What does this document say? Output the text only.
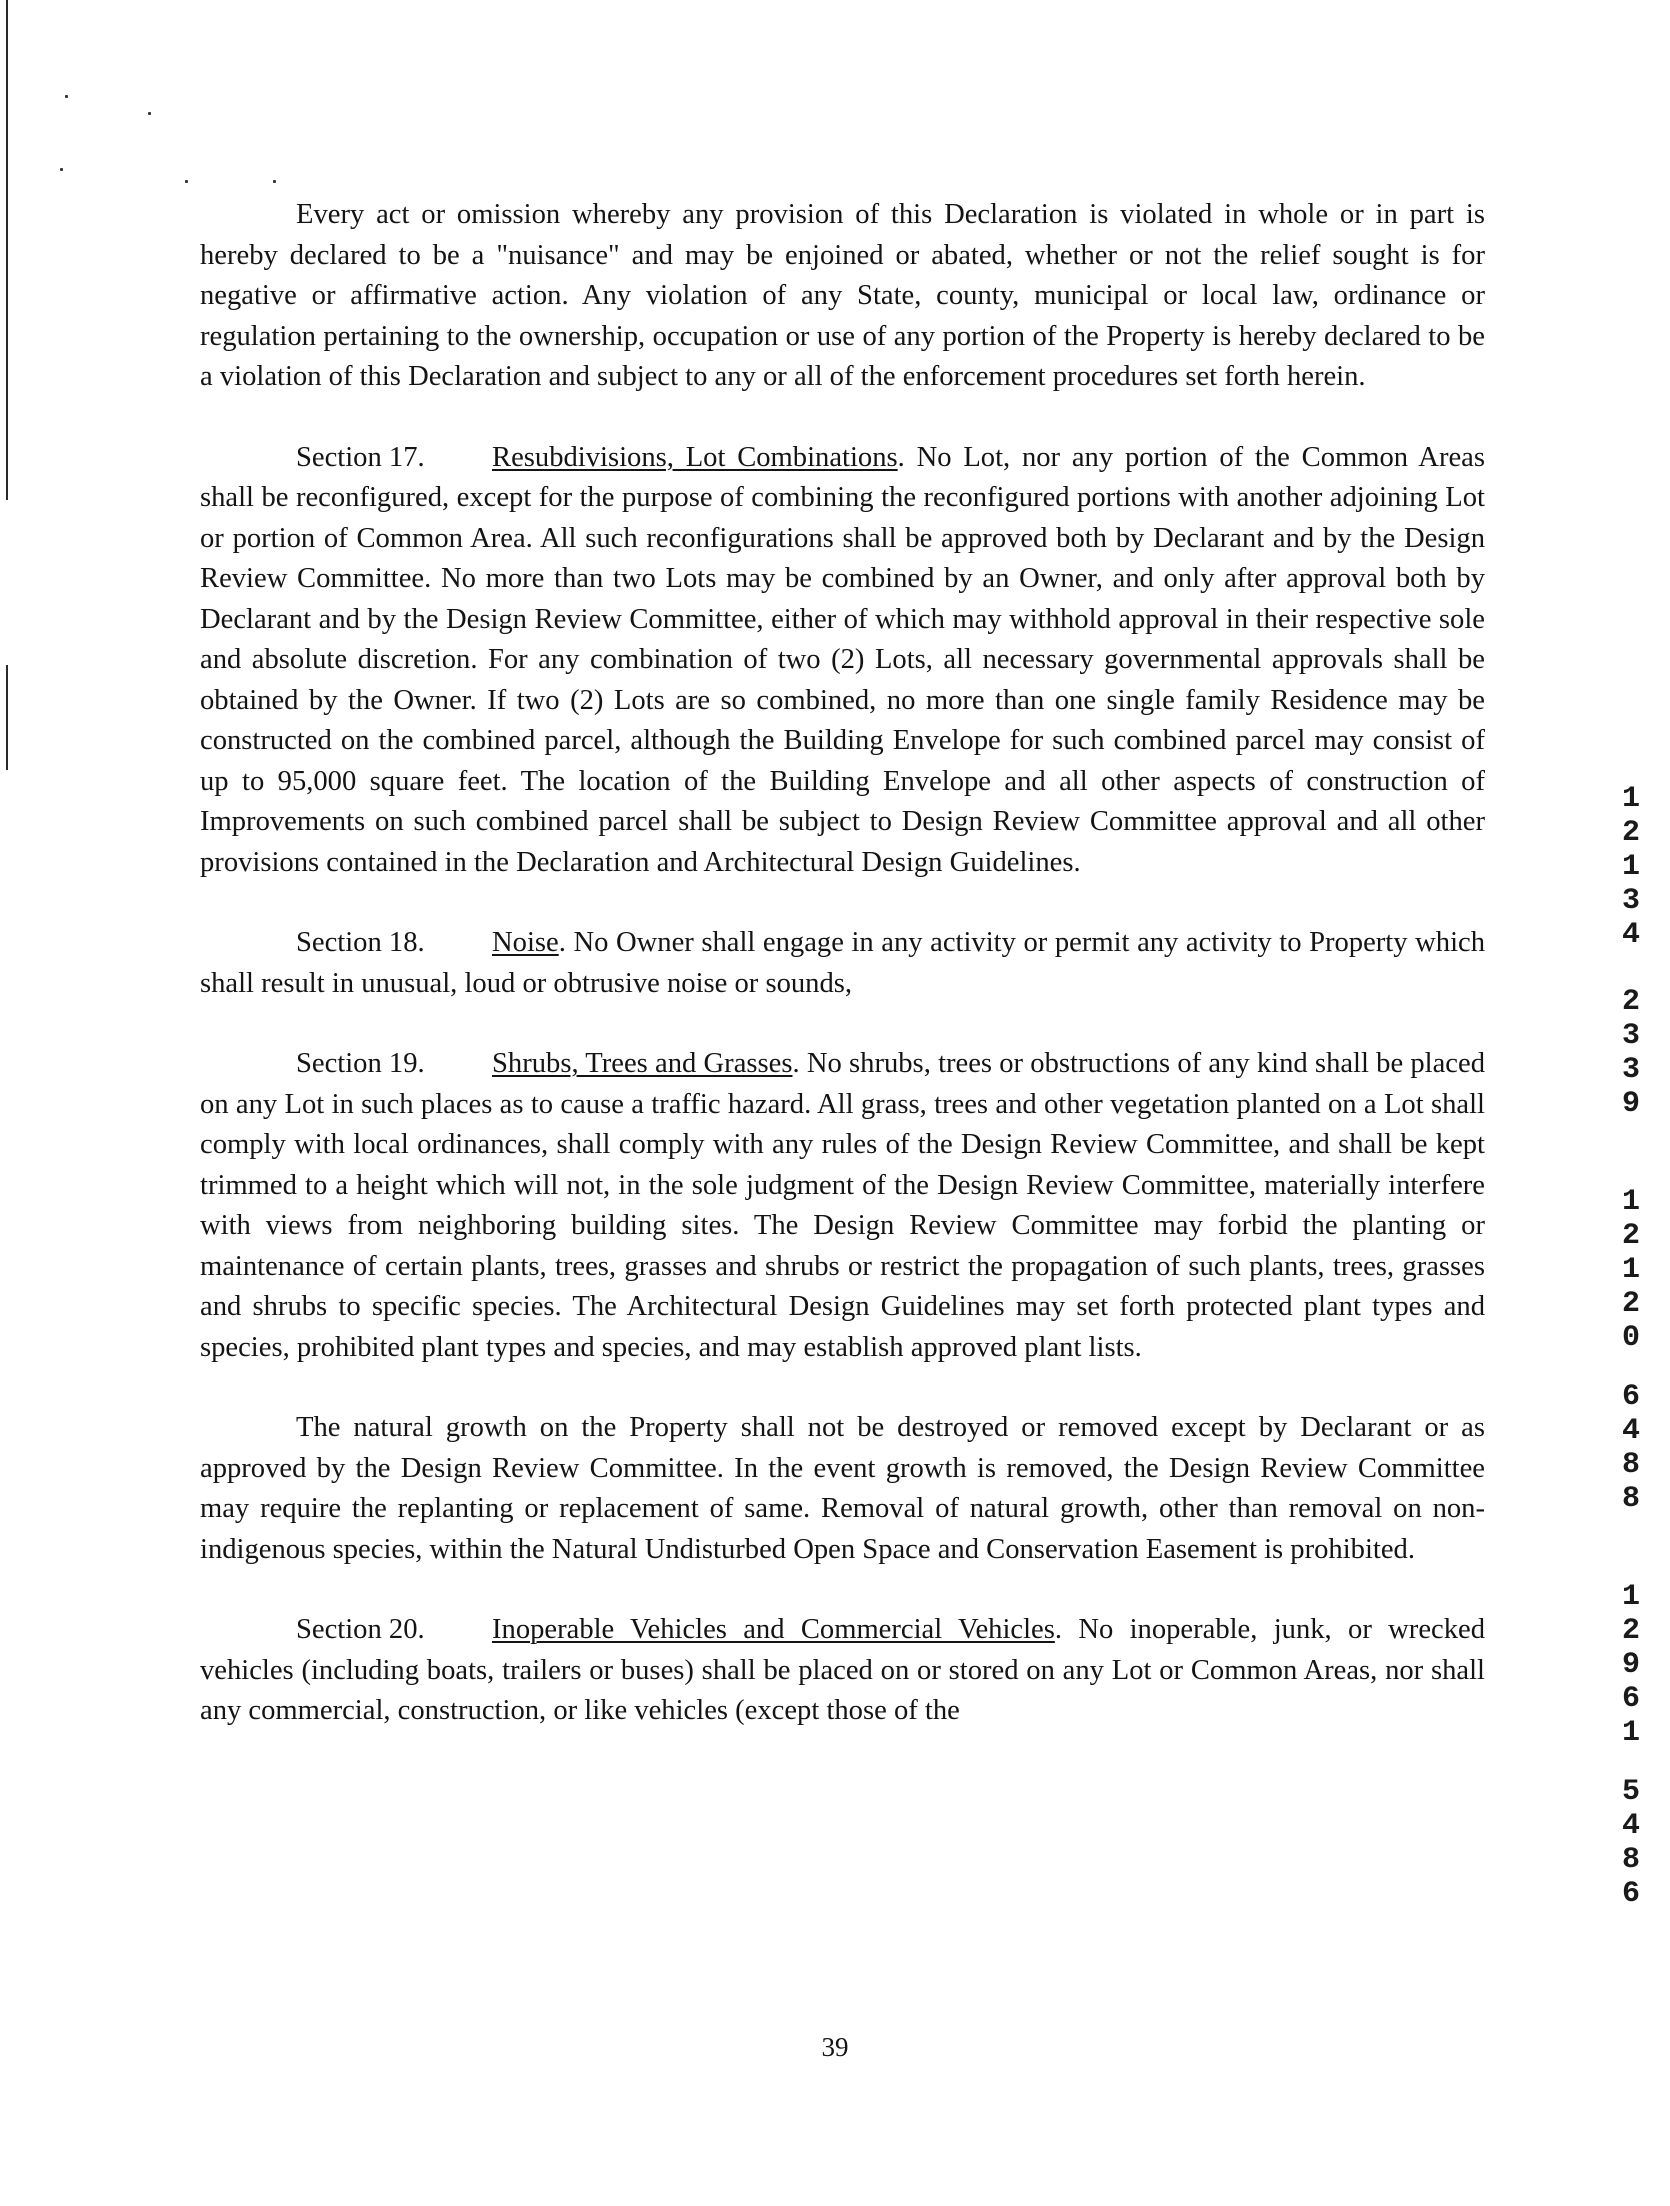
Every act or omission whereby any provision of this Declaration is violated in whole or in part is hereby declared to be a "nuisance" and may be enjoined or abated, whether or not the relief sought is for negative or affirmative action. Any violation of any State, county, municipal or local law, ordinance or regulation pertaining to the ownership, occupation or use of any portion of the Property is hereby declared to be a violation of this Declaration and subject to any or all of the enforcement procedures set forth herein.

Section 17. Resubdivisions, Lot Combinations. No Lot, nor any portion of the Common Areas shall be reconfigured, except for the purpose of combining the reconfigured portions with another adjoining Lot or portion of Common Area. All such reconfigurations shall be approved both by Declarant and by the Design Review Committee. No more than two Lots may be combined by an Owner, and only after approval both by Declarant and by the Design Review Committee, either of which may withhold approval in their respective sole and absolute discretion. For any combination of two (2) Lots, all necessary governmental approvals shall be obtained by the Owner. If two (2) Lots are so combined, no more than one single family Residence may be constructed on the combined parcel, although the Building Envelope for such combined parcel may consist of up to 95,000 square feet. The location of the Building Envelope and all other aspects of construction of Improvements on such combined parcel shall be subject to Design Review Committee approval and all other provisions contained in the Declaration and Architectural Design Guidelines.

Section 18. Noise. No Owner shall engage in any activity or permit any activity to Property which shall result in unusual, loud or obtrusive noise or sounds,

Section 19. Shrubs, Trees and Grasses. No shrubs, trees or obstructions of any kind shall be placed on any Lot in such places as to cause a traffic hazard. All grass, trees and other vegetation planted on a Lot shall comply with local ordinances, shall comply with any rules of the Design Review Committee, and shall be kept trimmed to a height which will not, in the sole judgment of the Design Review Committee, materially interfere with views from neighboring building sites. The Design Review Committee may forbid the planting or maintenance of certain plants, trees, grasses and shrubs or restrict the propagation of such plants, trees, grasses and shrubs to specific species. The Architectural Design Guidelines may set forth protected plant types and species, prohibited plant types and species, and may establish approved plant lists.

The natural growth on the Property shall not be destroyed or removed except by Declarant or as approved by the Design Review Committee. In the event growth is removed, the Design Review Committee may require the replanting or replacement of same. Removal of natural growth, other than removal on non-indigenous species, within the Natural Undisturbed Open Space and Conservation Easement is prohibited.

Section 20. Inoperable Vehicles and Commercial Vehicles. No inoperable, junk, or wrecked vehicles (including boats, trailers or buses) shall be placed on or stored on any Lot or Common Areas, nor shall any commercial, construction, or like vehicles (except those of the

1
2
1
3
4
2
3
3
9
1
2
1
2
0
6
4
8
8
1
2
9
6
1
5
4
8
6
39
